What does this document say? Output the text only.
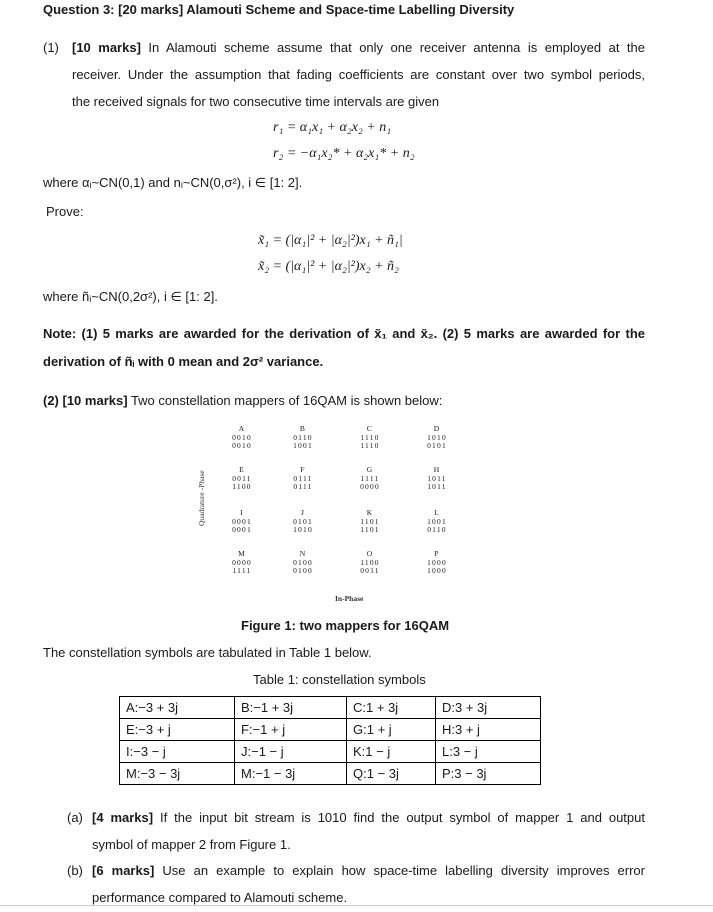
Question 3: [20 marks] Alamouti Scheme and Space-time Labelling Diversity
(1) [10 marks] In Alamouti scheme assume that only one receiver antenna is employed at the
receiver. Under the assumption that fading coefficients are constant over two symbol periods,
the received signals for two consecutive time intervals are given
r₁ = α₁x₁ + α₂x₂ + n₁
r₂ = −α₁x₂* + α₂x₁* + n₂
where αᵢ~CN(0,1) and nᵢ~CN(0,σ²), i ∈ [1: 2].
Prove:
x̃₁ = (|α₁|² + |α₂|²)x₁ + ñ₁|
x̃₂ = (|α₁|² + |α₂|²)x₂ + ñ₂
where ñᵢ~CN(0,2σ²), i ∈ [1: 2].
Note: (1) 5 marks are awarded for the derivation of x̃₁ and x̃₂. (2) 5 marks are awarded for the
derivation of ñᵢ with 0 mean and 2σ² variance.
(2) [10 marks] Two constellation mappers of 16QAM is shown below:
Quadrature -Phase
In-Phase
A
0010
0010
B
0110
1001
C
1110
1110
D
1010
0101
E
0011
1100
F
0111
0111
G
1111
0000
H
1011
1011
I
0001
0001
J
0101
1010
K
1101
1101
L
1001
0110
M
0000
1111
N
0100
0100
O
1100
0011
P
1000
1000
Figure 1: two mappers for 16QAM
The constellation symbols are tabulated in Table 1 below.
Table 1: constellation symbols
A:−3 + 3j	B:−1 + 3j	C:1 + 3j	D:3 + 3j
E:−3 + j	F:−1 + j	G:1 + j	H:3 + j
I:−3 − j	J:−1 − j	K:1 − j	L:3 − j
M:−3 − 3j	M:−1 − 3j	Q:1 − 3j	P:3 − 3j
(a) [4 marks] If the input bit stream is 1010 find the output symbol of mapper 1 and output
symbol of mapper 2 from Figure 1.
(b) [6 marks] Use an example to explain how space-time labelling diversity improves error
performance compared to Alamouti scheme.
